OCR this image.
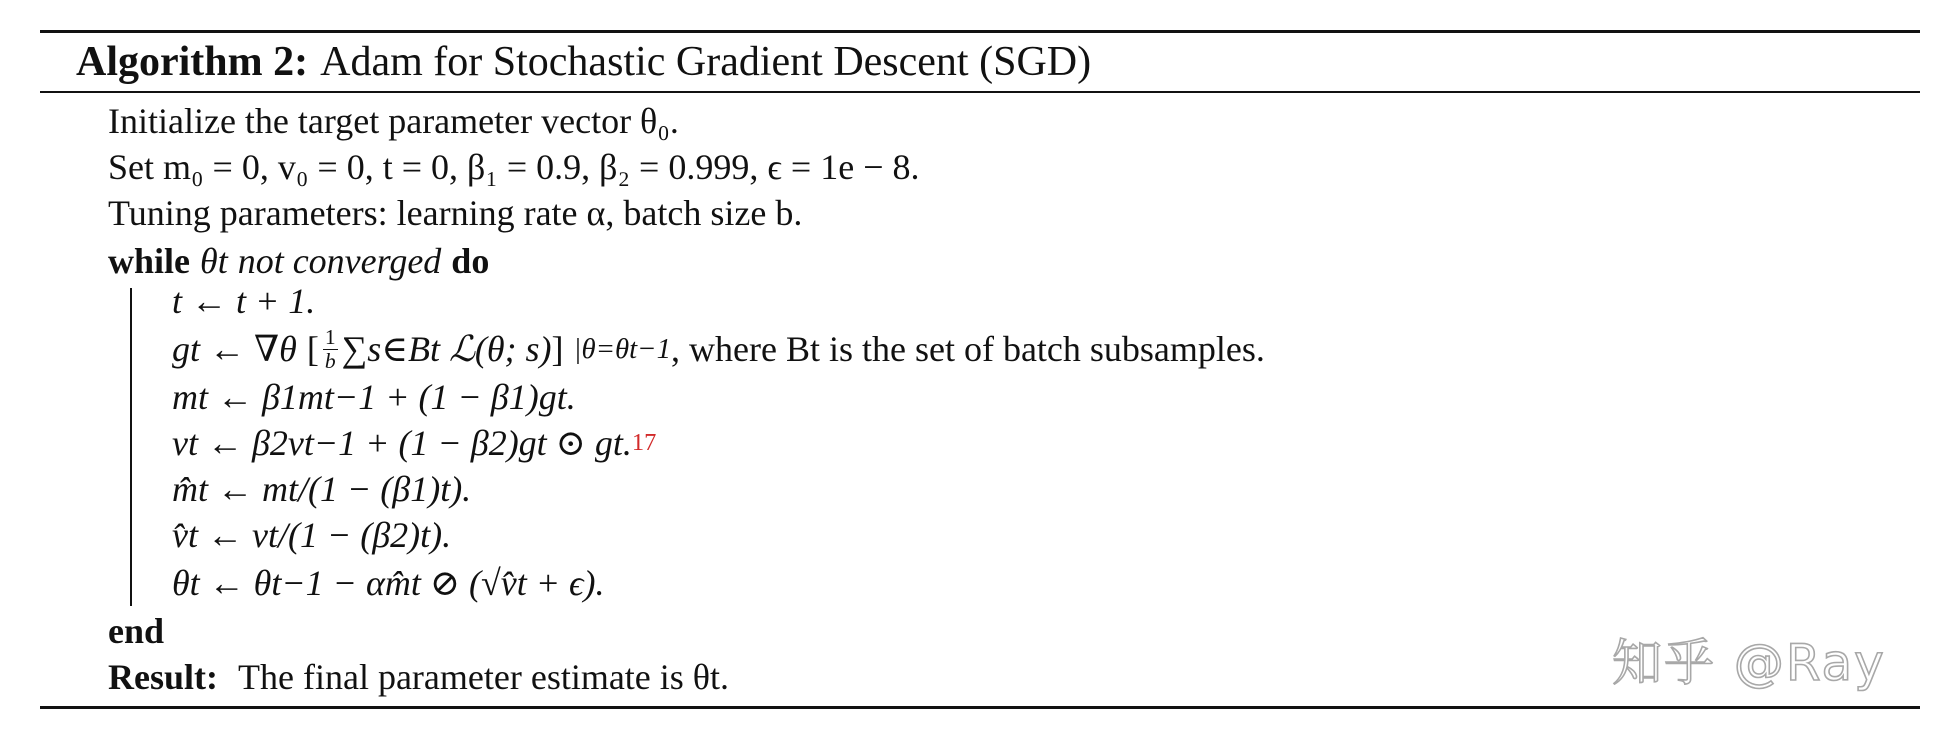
Algorithm 2: Adam for Stochastic Gradient Descent (SGD)
Initialize the target parameter vector θ₀.
Set m₀ = 0, v₀ = 0, t = 0, β₁ = 0.9, β₂ = 0.999, ϵ = 1e − 8.
Tuning parameters: learning rate α, batch size b.
while θt not converged do
t ← t + 1.
gt ← ∇θ [ $\frac{1}{b}$ ∑s∈Bt ℒ(θ; s) ] |θ=θt−1 , where Bt is the set of batch subsamples.
mt ← β1mt−1 + (1 − β1)gt.
vt ← β2vt−1 + (1 − β2)gt ⊙ gt. 17
m̂t ← mt/(1 − (β1)t).
v̂t ← vt/(1 − (β2)t).
θt ← θt−1 − αm̂t ⊘ (√v̂t + ϵ).
end
Result: The final parameter estimate is θt.	知乎 @Ray
